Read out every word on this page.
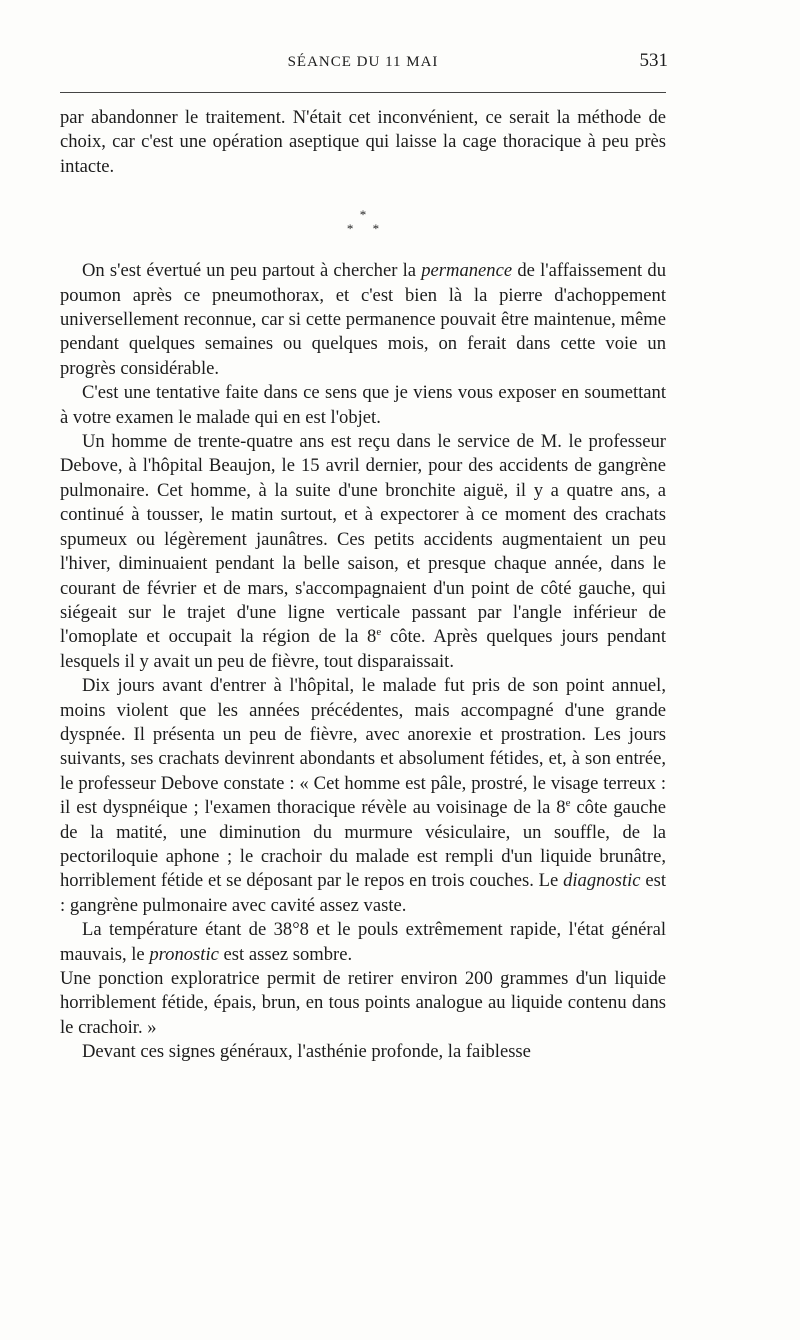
SÉANCE DU 11 MAI	531

par abandonner le traitement. N'était cet inconvénient, ce serait la méthode de choix, car c'est une opération aseptique qui laisse la cage thoracique à peu près intacte.

*
* *

On s'est évertué un peu partout à chercher la permanence de l'affaissement du poumon après ce pneumothorax, et c'est bien là la pierre d'achoppement universellement reconnue, car si cette permanence pouvait être maintenue, même pendant quelques semaines ou quelques mois, on ferait dans cette voie un progrès considérable.

C'est une tentative faite dans ce sens que je viens vous exposer en soumettant à votre examen le malade qui en est l'objet.

Un homme de trente-quatre ans est reçu dans le service de M. le professeur Debove, à l'hôpital Beaujon, le 15 avril dernier, pour des accidents de gangrène pulmonaire. Cet homme, à la suite d'une bronchite aiguë, il y a quatre ans, a continué à tousser, le matin surtout, et à expectorer à ce moment des crachats spumeux ou légèrement jaunâtres. Ces petits accidents augmentaient un peu l'hiver, diminuaient pendant la belle saison, et presque chaque année, dans le courant de février et de mars, s'accompagnaient d'un point de côté gauche, qui siégeait sur le trajet d'une ligne verticale passant par l'angle inférieur de l'omoplate et occupait la région de la 8e côte. Après quelques jours pendant lesquels il y avait un peu de fièvre, tout disparaissait.

Dix jours avant d'entrer à l'hôpital, le malade fut pris de son point annuel, moins violent que les années précédentes, mais accompagné d'une grande dyspnée. Il présenta un peu de fièvre, avec anorexie et prostration. Les jours suivants, ses crachats devinrent abondants et absolument fétides, et, à son entrée, le professeur Debove constate : « Cet homme est pâle, prostré, le visage terreux : il est dyspnéique ; l'examen thoracique révèle au voisinage de la 8e côte gauche de la matité, une diminution du murmure vésiculaire, un souffle, de la pectoriloquie aphone ; le crachoir du malade est rempli d'un liquide brunâtre, horriblement fétide et se déposant par le repos en trois couches. Le diagnostic est : gangrène pulmonaire avec cavité assez vaste.

La température étant de 38°8 et le pouls extrêmement rapide, l'état général mauvais, le pronostic est assez sombre.

Une ponction exploratrice permit de retirer environ 200 grammes d'un liquide horriblement fétide, épais, brun, en tous points analogue au liquide contenu dans le crachoir. »

Devant ces signes généraux, l'asthénie profonde, la faiblesse
